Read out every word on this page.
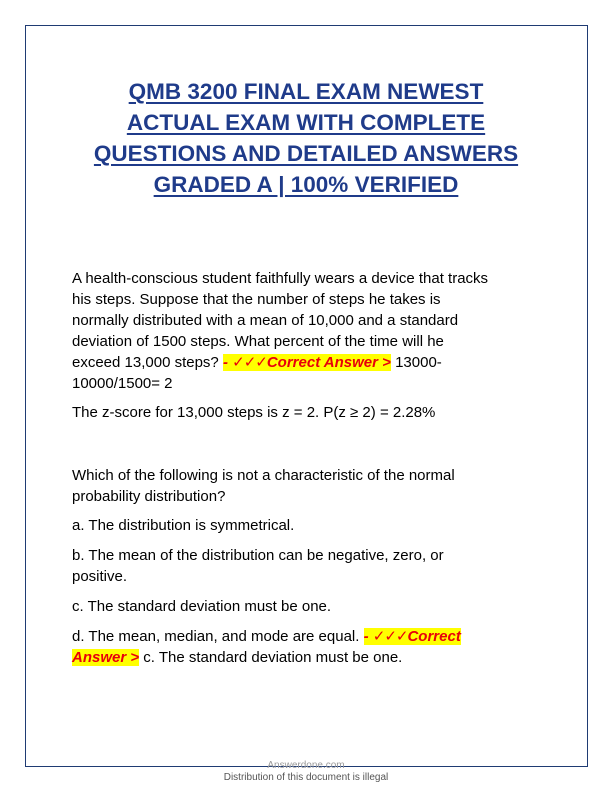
QMB 3200 FINAL EXAM NEWEST
ACTUAL EXAM WITH COMPLETE
QUESTIONS AND DETAILED ANSWERS
GRADED A | 100% VERIFIED

A health-conscious student faithfully wears a device that tracks
his steps. Suppose that the number of steps he takes is
normally distributed with a mean of 10,000 and a standard
deviation of 1500 steps. What percent of the time will he
exceed 13,000 steps? - ✓✓✓Correct Answer > 13000-
10000/1500= 2

The z-score for 13,000 steps is z = 2. P(z ≥ 2) = 2.28%

Which of the following is not a characteristic of the normal
probability distribution?

a. The distribution is symmetrical.

b. The mean of the distribution can be negative, zero, or
positive.

c. The standard deviation must be one.

d. The mean, median, and mode are equal. - ✓✓✓Correct
Answer > c. The standard deviation must be one.

Answerdone.com
Distribution of this document is illegal
